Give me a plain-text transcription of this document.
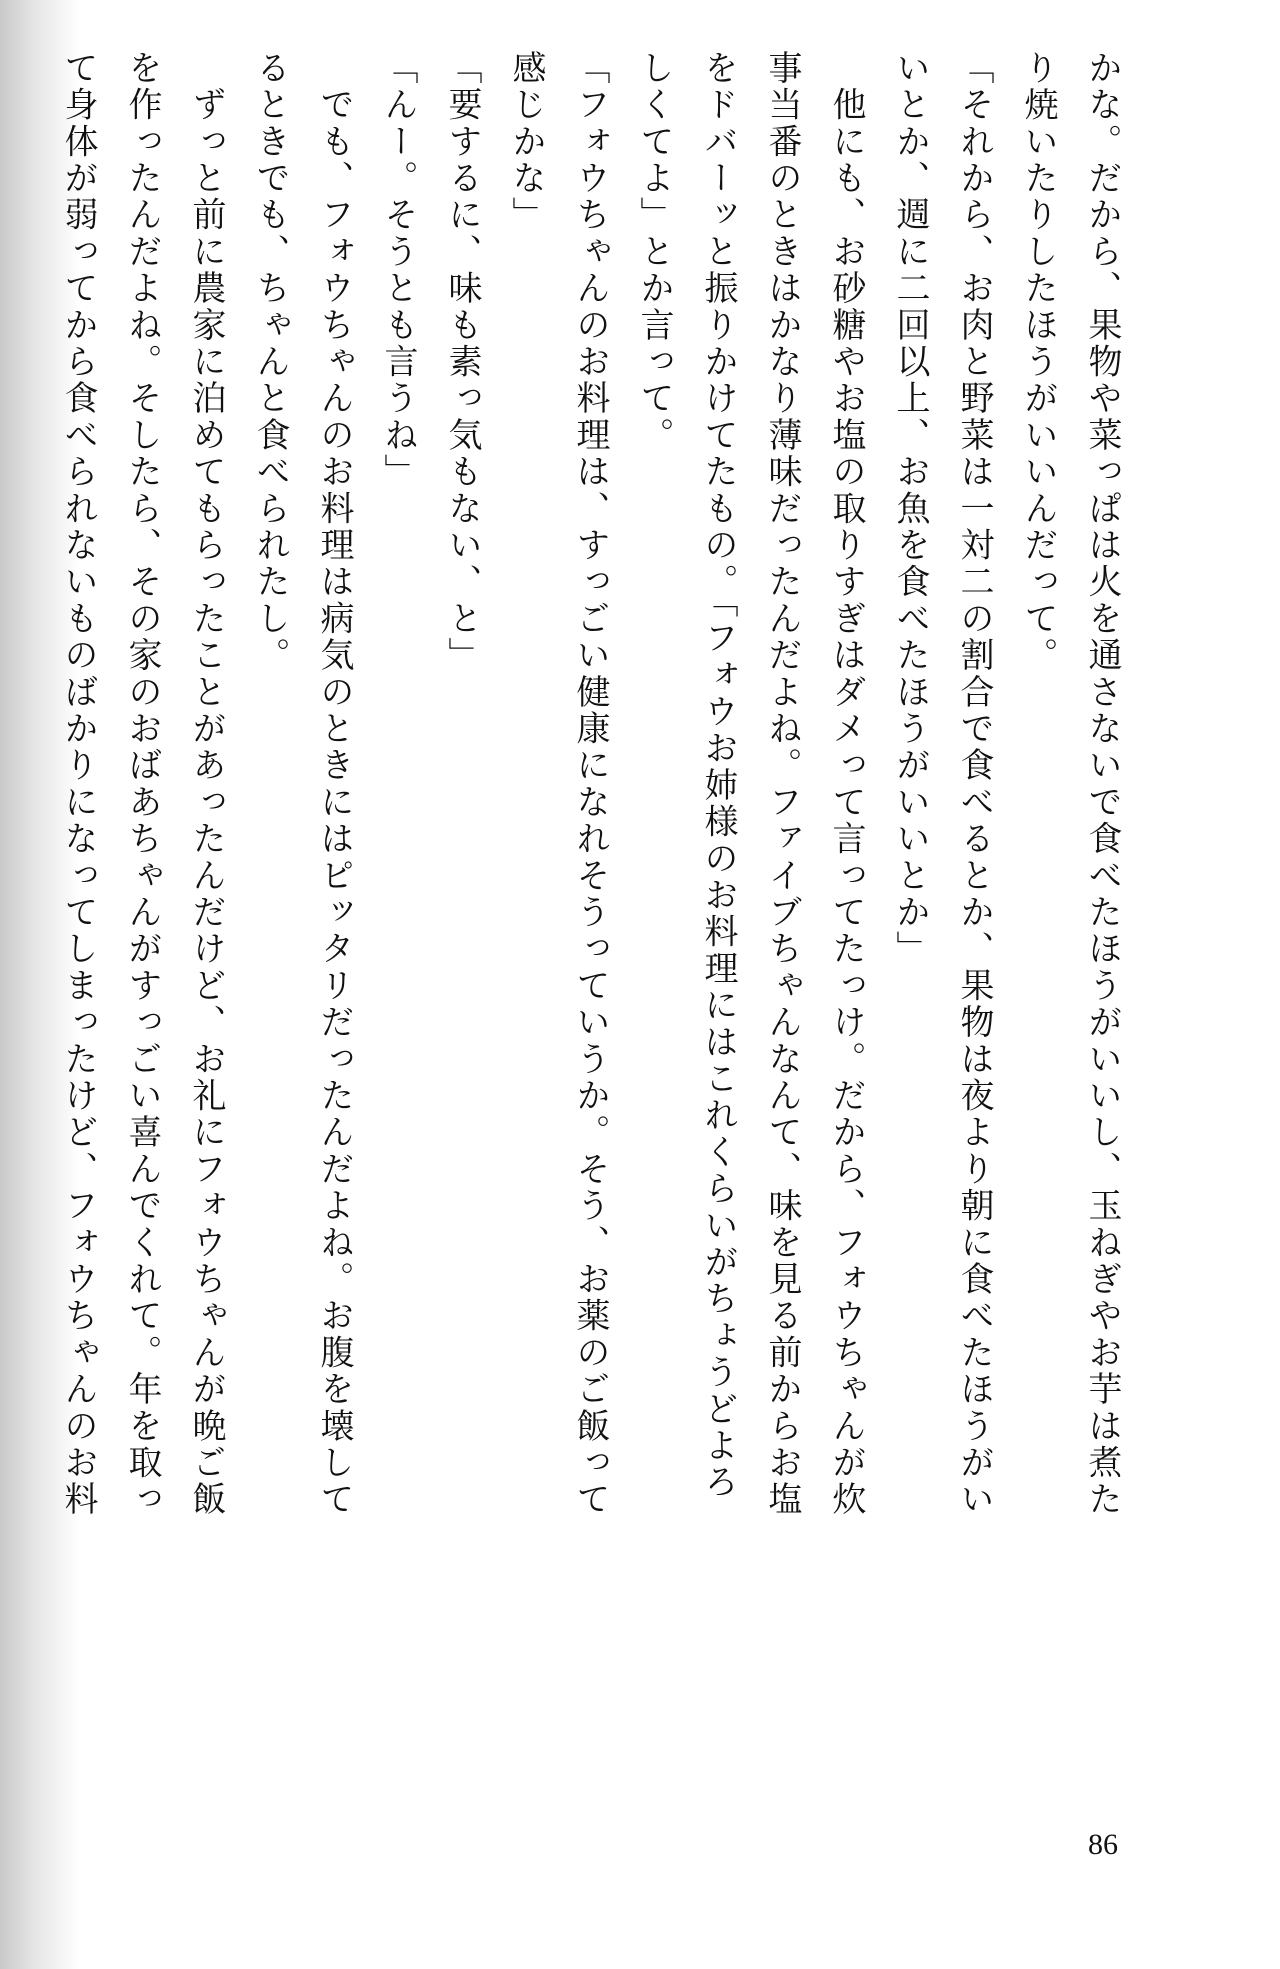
かな。だから、果物や菜っぱは火を通さないで食べたほうがいいし、玉ねぎやお芋は煮た
り焼いたりしたほうがいいんだって。
「それから、お肉と野菜は一対二の割合で食べるとか、果物は夜より朝に食べたほうがい
いとか、週に二回以上、お魚を食べたほうがいいとか」
　他にも、お砂糖やお塩の取りすぎはダメって言ってたっけ。だから、フォウちゃんが炊
事当番のときはかなり薄味だったんだよね。ファイブちゃんなんて、味を見る前からお塩
をドバーッと振りかけてたもの。「フォウお姉様のお料理にはこれくらいがちょうどよろ
しくてよ」とか言って。
「フォウちゃんのお料理は、すっごい健康になれそうっていうか。そう、お薬のご飯って
感じかな」
「要するに、味も素っ気もない、と」
「んー。そうとも言うね」
　でも、フォウちゃんのお料理は病気のときにはピッタリだったんだよね。お腹を壊して
るときでも、ちゃんと食べられたし。
　ずっと前に農家に泊めてもらったことがあったんだけど、お礼にフォウちゃんが晩ご飯
を作ったんだよね。そしたら、その家のおばあちゃんがすっごい喜んでくれて。年を取っ
て身体が弱ってから食べられないものばかりになってしまったけど、フォウちゃんのお料
86
